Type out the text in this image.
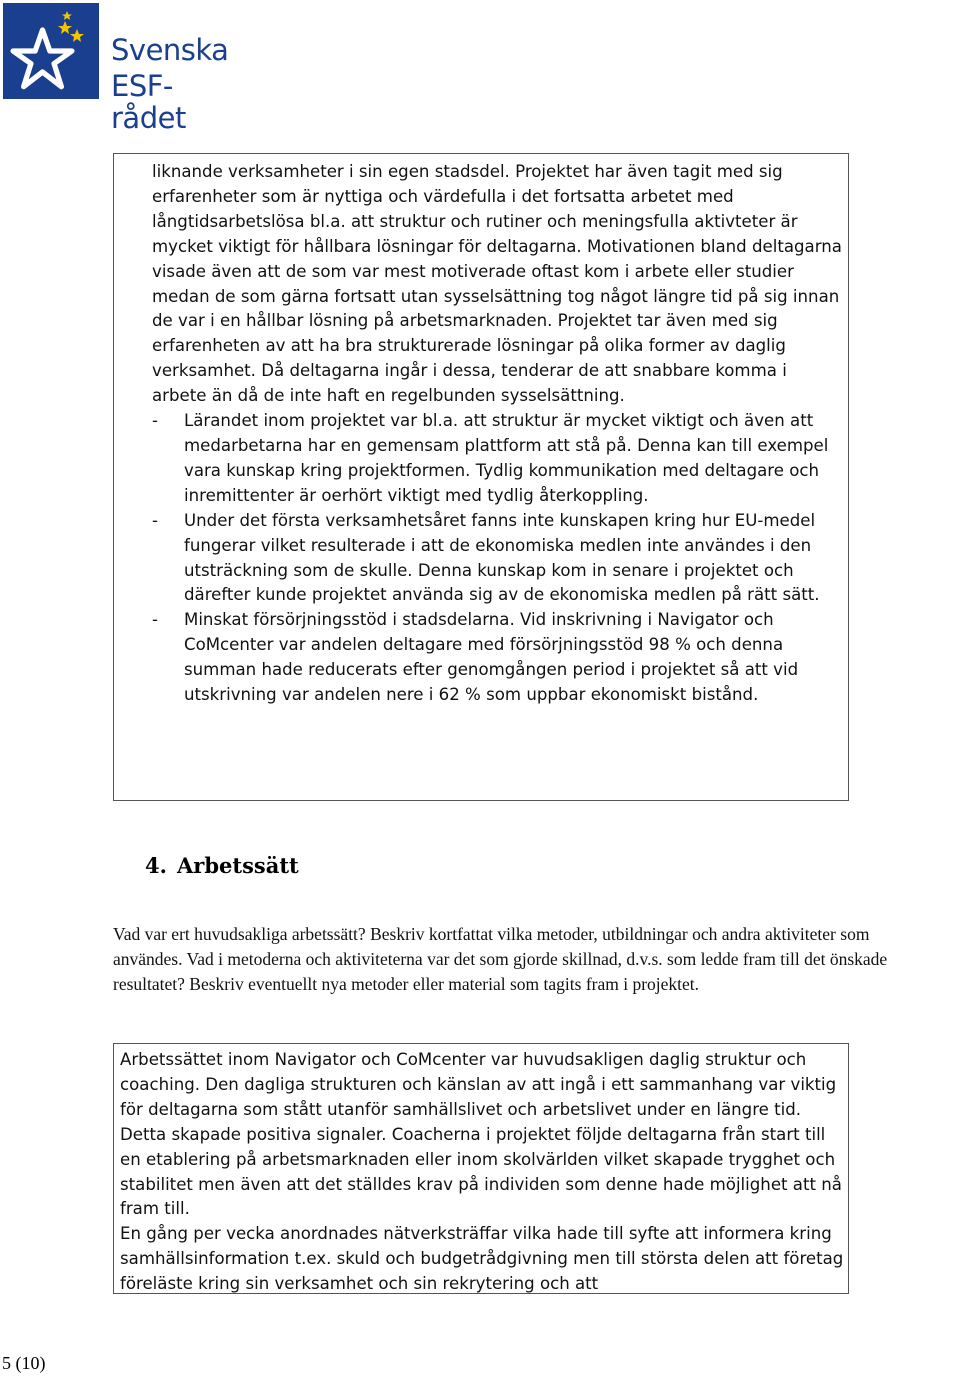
Svenska
ESF-rådet

liknande verksamheter i sin egen stadsdel. Projektet har även tagit med sig erfarenheter som är nyttiga och värdefulla i det fortsatta arbetet med långtidsarbetslösa bl.a. att struktur och rutiner och meningsfulla aktivteter är mycket viktigt för hållbara lösningar för deltagarna. Motivationen bland deltagarna visade även att de som var mest motiverade oftast kom i arbete eller studier medan de som gärna fortsatt utan sysselsättning tog något längre tid på sig innan de var i en hållbar lösning på arbetsmarknaden. Projektet tar även med sig erfarenheten av att ha bra strukturerade lösningar på olika former av daglig verksamhet. Då deltagarna ingår i dessa, tenderar de att snabbare komma i arbete än då de inte haft en regelbunden sysselsättning.

- Lärandet inom projektet var bl.a. att struktur är mycket viktigt och även att medarbetarna har en gemensam plattform att stå på. Denna kan till exempel vara kunskap kring projektformen. Tydlig kommunikation med deltagare och inremittenter är oerhört viktigt med tydlig återkoppling.
- Under det första verksamhetsåret fanns inte kunskapen kring hur EU-medel fungerar vilket resulterade i att de ekonomiska medlen inte användes i den utsträckning som de skulle. Denna kunskap kom in senare i projektet och därefter kunde projektet använda sig av de ekonomiska medlen på rätt sätt.
- Minskat försörjningsstöd i stadsdelarna. Vid inskrivning i Navigator och CoMcenter var andelen deltagare med försörjningsstöd 98 % och denna summan hade reducerats efter genomgången period i projektet så att vid utskrivning var andelen nere i 62 % som uppbar ekonomiskt bistånd.
4. Arbetssätt
Vad var ert huvudsakliga arbetssätt? Beskriv kortfattat vilka metoder, utbildningar och andra aktiviteter som användes. Vad i metoderna och aktiviteterna var det som gjorde skillnad, d.v.s. som ledde fram till det önskade resultatet? Beskriv eventuellt nya metoder eller material som tagits fram i projektet.

Arbetssättet inom Navigator och CoMcenter var huvudsakligen daglig struktur och coaching. Den dagliga strukturen och känslan av att ingå i ett sammanhang var viktig för deltagarna som stått utanför samhällslivet och arbetslivet under en längre tid. Detta skapade positiva signaler. Coacherna i projektet följde deltagarna från start till en etablering på arbetsmarknaden eller inom skolvärlden vilket skapade trygghet och stabilitet men även att det ställdes krav på individen som denne hade möjlighet att nå fram till.

En gång per vecka anordnades nätverksträffar vilka hade till syfte att informera kring samhällsinformation t.ex. skuld och budgetrådgivning men till största delen att företag föreläste kring sin verksamhet och sin rekrytering och att

5 (10)
